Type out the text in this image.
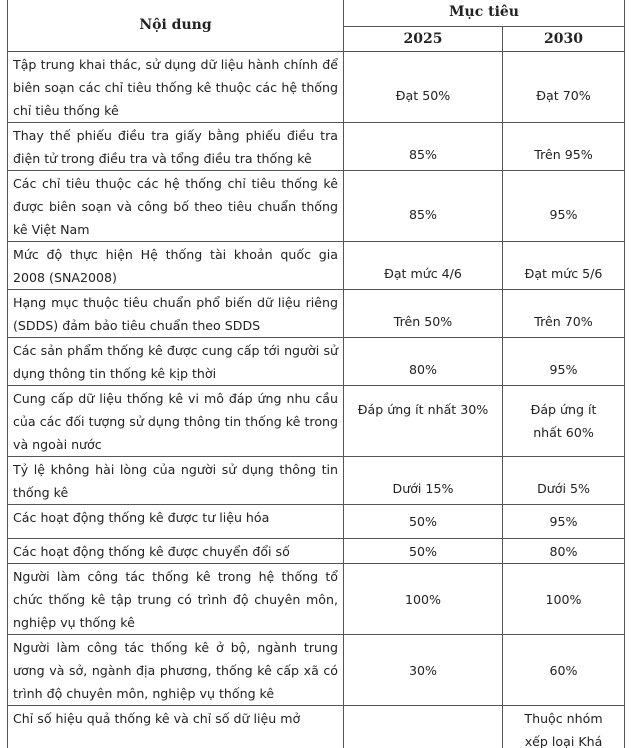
Nội dung	Mục tiêu	
	2025	2030
Tập trung khai thác, sử dụng dữ liệu hành chính để biên soạn các chỉ tiêu thống kê thuộc các hệ thống chỉ tiêu thống kê	Đạt 50%	Đạt 70%
Thay thế phiếu điều tra giấy bằng phiếu điều tra điện tử trong điều tra và tổng điều tra thống kê	85%	Trên 95%
Các chỉ tiêu thuộc các hệ thống chỉ tiêu thống kê được biên soạn và công bố theo tiêu chuẩn thống kê Việt Nam	85%	95%
Mức độ thực hiện Hệ thống tài khoản quốc gia 2008 (SNA2008)	Đạt mức 4/6	Đạt mức 5/6
Hạng mục thuộc tiêu chuẩn phổ biến dữ liệu riêng (SDDS) đảm bảo tiêu chuẩn theo SDDS	Trên 50%	Trên 70%
Các sản phẩm thống kê được cung cấp tới người sử dụng thông tin thống kê kịp thời	80%	95%
Cung cấp dữ liệu thống kê vi mô đáp ứng nhu cầu của các đối tượng sử dụng thông tin thống kê trong và ngoài nước	Đáp ứng ít nhất 30%	Đáp ứng ít nhất 60%
Tỷ lệ không hài lòng của người sử dụng thông tin thống kê	Dưới 15%	Dưới 5%
Các hoạt động thống kê được tư liệu hóa	50%	95%
Các hoạt động thống kê được chuyển đổi số	50%	80%
Người làm công tác thống kê trong hệ thống tổ chức thống kê tập trung có trình độ chuyên môn, nghiệp vụ thống kê	100%	100%
Người làm công tác thống kê ở bộ, ngành trung ương và sở, ngành địa phương, thống kê cấp xã có trình độ chuyên môn, nghiệp vụ thống kê	30%	60%
Chỉ số hiệu quả thống kê và chỉ số dữ liệu mở		Thuộc nhóm xếp loại Khá
